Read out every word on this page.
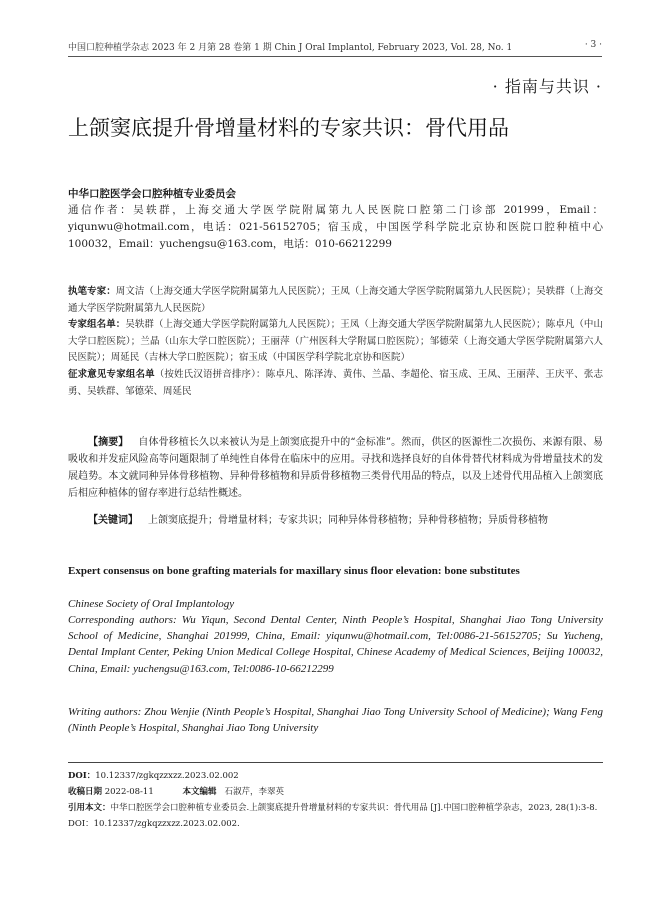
中国口腔种植学杂志 2023 年 2 月第 28 卷第 1 期 Chin J Oral Implantol, February 2023, Vol. 28, No. 1	· 3 ·
· 指南与共识 ·
上颌窦底提升骨增量材料的专家共识：骨代用品
中华口腔医学会口腔种植专业委员会
通信作者：吴轶群，上海交通大学医学院附属第九人民医院口腔第二门诊部 201999，Email：yiqunwu@hotmail.com，电话：021-56152705；宿玉成，中国医学科学院北京协和医院口腔种植中心 100032，Email：yuchengsu@163.com，电话：010-66212299
执笔专家：周文洁（上海交通大学医学院附属第九人民医院）；王凤（上海交通大学医学院附属第九人民医院）；吴轶群（上海交通大学医学院附属第九人民医院）
专家组名单：吴轶群（上海交通大学医学院附属第九人民医院）；王凤（上海交通大学医学院附属第九人民医院）；陈卓凡（中山大学口腔医院）；兰晶（山东大学口腔医院）；王丽萍（广州医科大学附属口腔医院）；邹德荣（上海交通大学医学院附属第六人民医院）；周延民（吉林大学口腔医院）；宿玉成（中国医学科学院北京协和医院）
征求意见专家组名单（按姓氏汉语拼音排序）：陈卓凡、陈泽涛、黄伟、兰晶、李超伦、宿玉成、王凤、王丽萍、王庆平、张志勇、吴轶群、邹德荣、周延民
【摘要】 自体骨移植长久以来被认为是上颌窦底提升中的“金标准”。然而，供区的医源性二次损伤、来源有限、易吸收和并发症风险高等问题限制了单纯性自体骨在临床中的应用。寻找和选择良好的自体骨替代材料成为骨增量技术的发展趋势。本文就同种异体骨移植物、异种骨移植物和异质骨移植物三类骨代用品的特点，以及上述骨代用品植入上颌窦底后相应种植体的留存率进行总结性概述。
【关键词】 上颌窦底提升；骨增量材料；专家共识；同种异体骨移植物；异种骨移植物；异质骨移植物
Expert consensus on bone grafting materials for maxillary sinus floor elevation: bone substitutes
Chinese Society of Oral Implantology
Corresponding authors: Wu Yiqun, Second Dental Center, Ninth People’s Hospital, Shanghai Jiao Tong University School of Medicine, Shanghai 201999, China, Email: yiqunwu@hotmail.com, Tel:0086-21-56152705; Su Yucheng, Dental Implant Center, Peking Union Medical College Hospital, Chinese Academy of Medical Sciences, Beijing 100032, China, Email: yuchengsu@163.com, Tel:0086-10-66212299
Writing authors: Zhou Wenjie (Ninth People’s Hospital, Shanghai Jiao Tong University School of Medicine); Wang Feng (Ninth People’s Hospital, Shanghai Jiao Tong University
DOI：10.12337/zgkqzzxzz.2023.02.002
收稿日期 2022-08-11	本文编辑 石淑芹，李翠英
引用本文：中华口腔医学会口腔种植专业委员会.上颌窦底提升骨增量材料的专家共识：骨代用品 [J].中国口腔种植学杂志，2023, 28(1):3-8. DOI：10.12337/zgkqzzxzz.2023.02.002.
